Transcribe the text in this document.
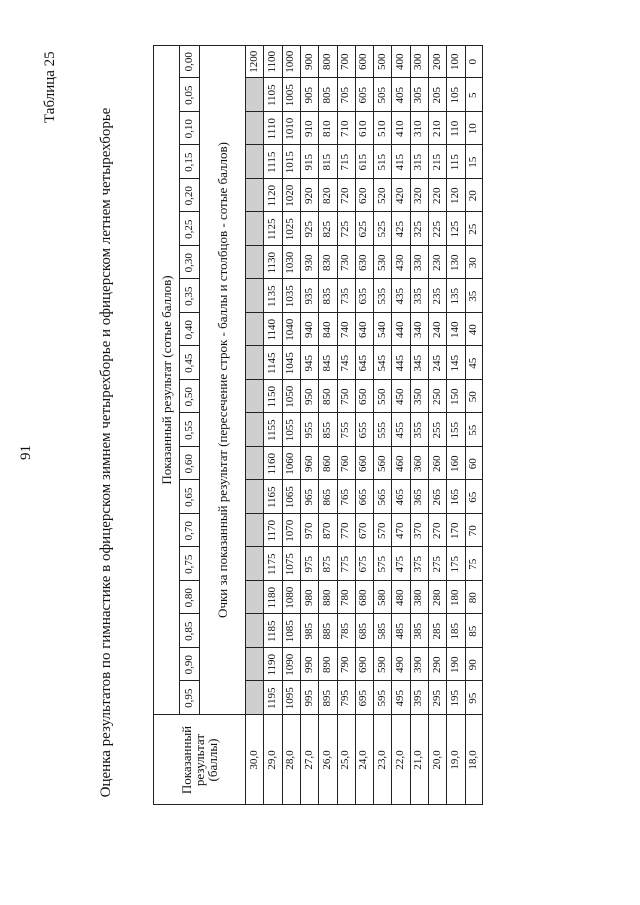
91
Таблица 25
Оценка результатов по гимнастике в офицерском зимнем четырехборье и офицерском летнем четырехборье	Показанный результат (баллы)
Показанный результат (сотые баллов)
0,95
0,90
0,85
0,80
0,75
0,70
0,65
0,60
0,55
0,50
0,45
0,40
0,35
0,30
0,25
0,20
0,15
0,10
0,05
0,00
Очки за показанный результат (пересечение строк - баллы и столбцов - сотые баллов)
30,0
1200
29,0
1195
1190
1185
1180
1175
1170
1165
1160
1155
1150
1145
1140
1135
1130
1125
1120
1115
1110
1105
1100
28,0
1095
1090
1085
1080
1075
1070
1065
1060
1055
1050
1045
1040
1035
1030
1025
1020
1015
1010
1005
1000
27,0
995
990
985
980
975
970
965
960
955
950
945
940
935
930
925
920
915
910
905
900
26,0
895
890
885
880
875
870
865
860
855
850
845
840
835
830
825
820
815
810
805
800
25,0
795
790
785
780
775
770
765
760
755
750
745
740
735
730
725
720
715
710
705
700
24,0
695
690
685
680
675
670
665
660
655
650
645
640
635
630
625
620
615
610
605
600
23,0
595
590
585
580
575
570
565
560
555
550
545
540
535
530
525
520
515
510
505
500
22,0
495
490
485
480
475
470
465
460
455
450
445
440
435
430
425
420
415
410
405
400
21,0
395
390
385
380
375
370
365
360
355
350
345
340
335
330
325
320
315
310
305
300
20,0
295
290
285
280
275
270
265
260
255
250
245
240
235
230
225
220
215
210
205
200
19,0
195
190
185
180
175
170
165
160
155
150
145
140
135
130
125
120
115
110
105
100
18,0
95
90
85
80
75
70
65
60
55
50
45
40
35
30
25
20
15
10
5
0
